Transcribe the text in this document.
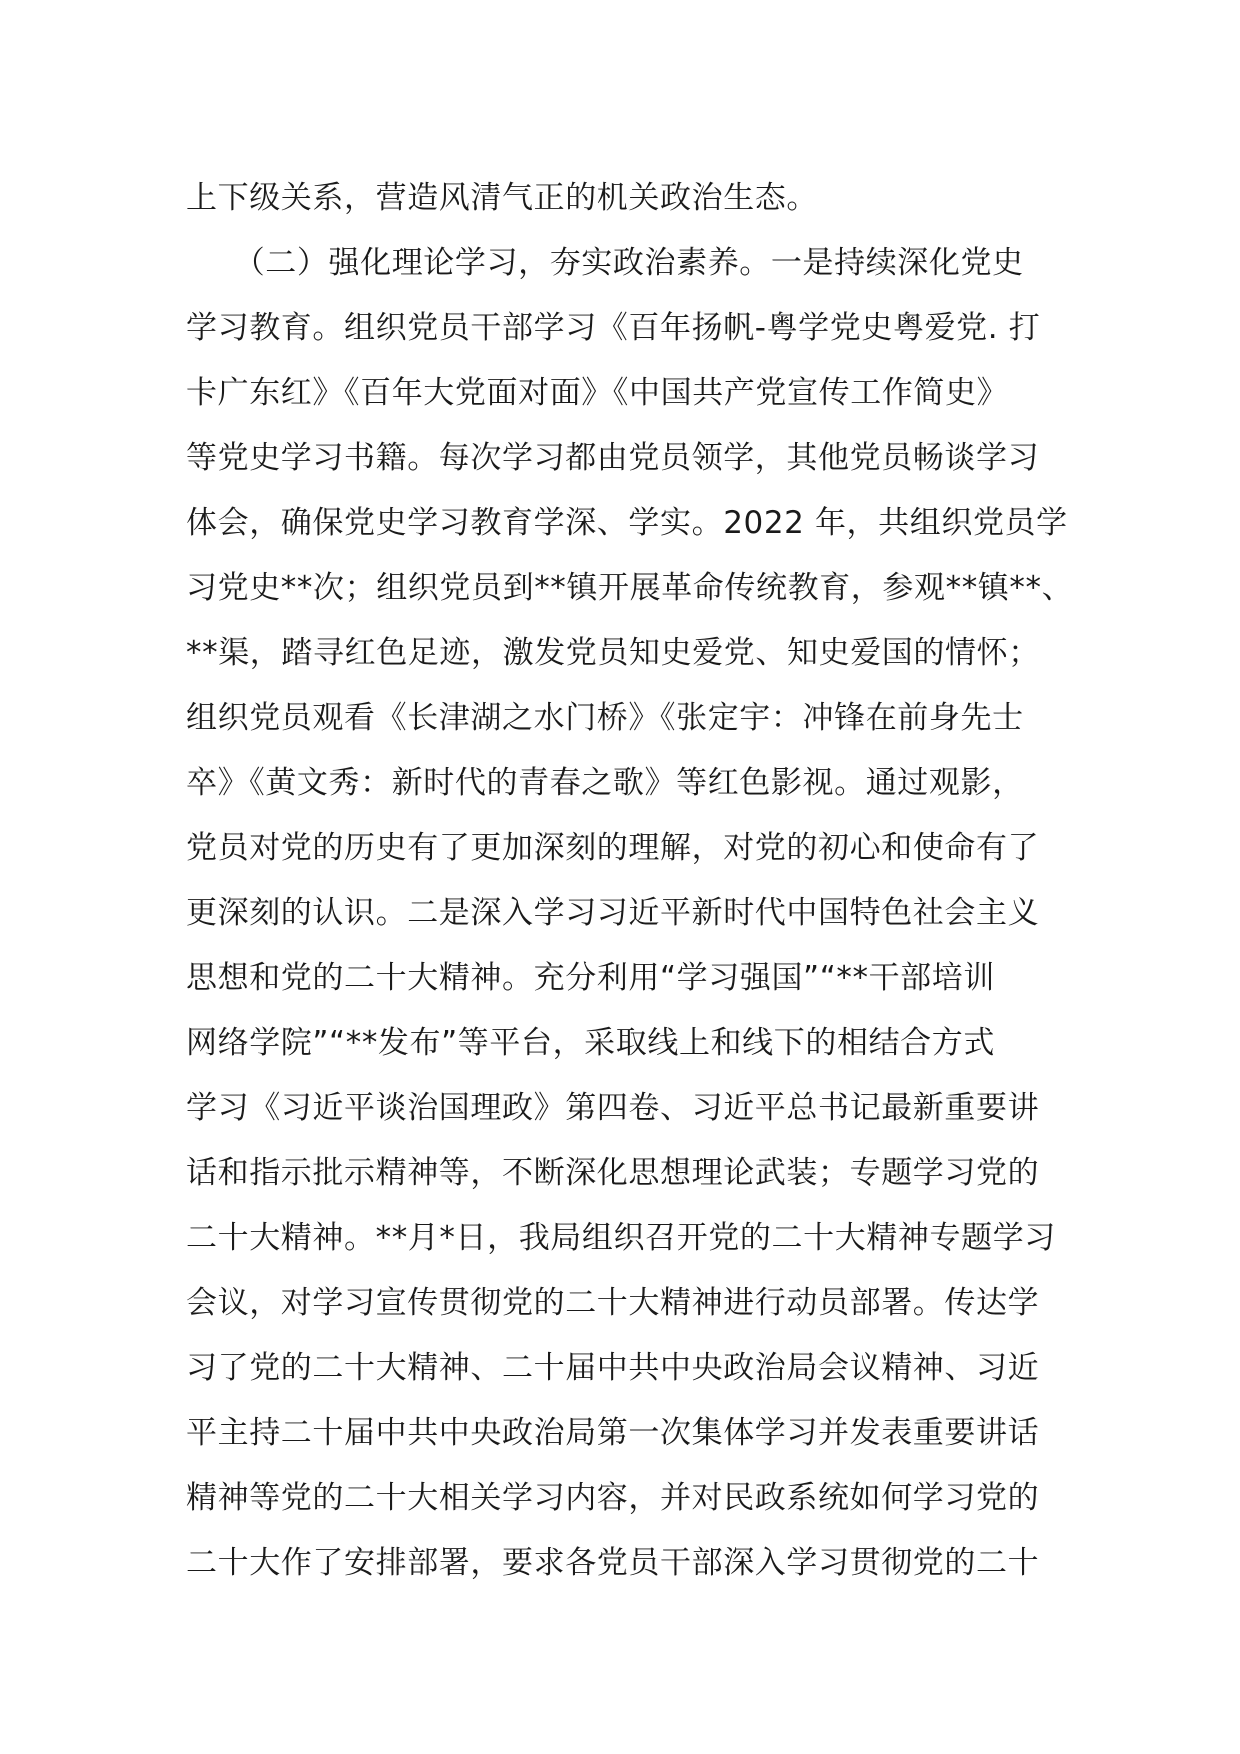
上下级关系，营造风清气正的机关政治生态。
　　（二）强化理论学习，夯实政治素养。一是持续深化党史
学习教育。组织党员干部学习《百年扬帆-粤学党史粤爱党. 打
卡广东红》《百年大党面对面》《中国共产党宣传工作简史》
等党史学习书籍。每次学习都由党员领学，其他党员畅谈学习
体会，确保党史学习教育学深、学实。2022 年，共组织党员学
习党史**次；组织党员到**镇开展革命传统教育，参观**镇**、
**渠，踏寻红色足迹，激发党员知史爱党、知史爱国的情怀；
组织党员观看《长津湖之水门桥》《张定宇：冲锋在前身先士
卒》《黄文秀：新时代的青春之歌》等红色影视。通过观影，
党员对党的历史有了更加深刻的理解，对党的初心和使命有了
更深刻的认识。二是深入学习习近平新时代中国特色社会主义
思想和党的二十大精神。充分利用“学习强国”“**干部培训
网络学院”“**发布”等平台，采取线上和线下的相结合方式
学习《习近平谈治国理政》第四卷、习近平总书记最新重要讲
话和指示批示精神等，不断深化思想理论武装；专题学习党的
二十大精神。**月*日，我局组织召开党的二十大精神专题学习
会议，对学习宣传贯彻党的二十大精神进行动员部署。传达学
习了党的二十大精神、二十届中共中央政治局会议精神、习近
平主持二十届中共中央政治局第一次集体学习并发表重要讲话
精神等党的二十大相关学习内容，并对民政系统如何学习党的
二十大作了安排部署，要求各党员干部深入学习贯彻党的二十
